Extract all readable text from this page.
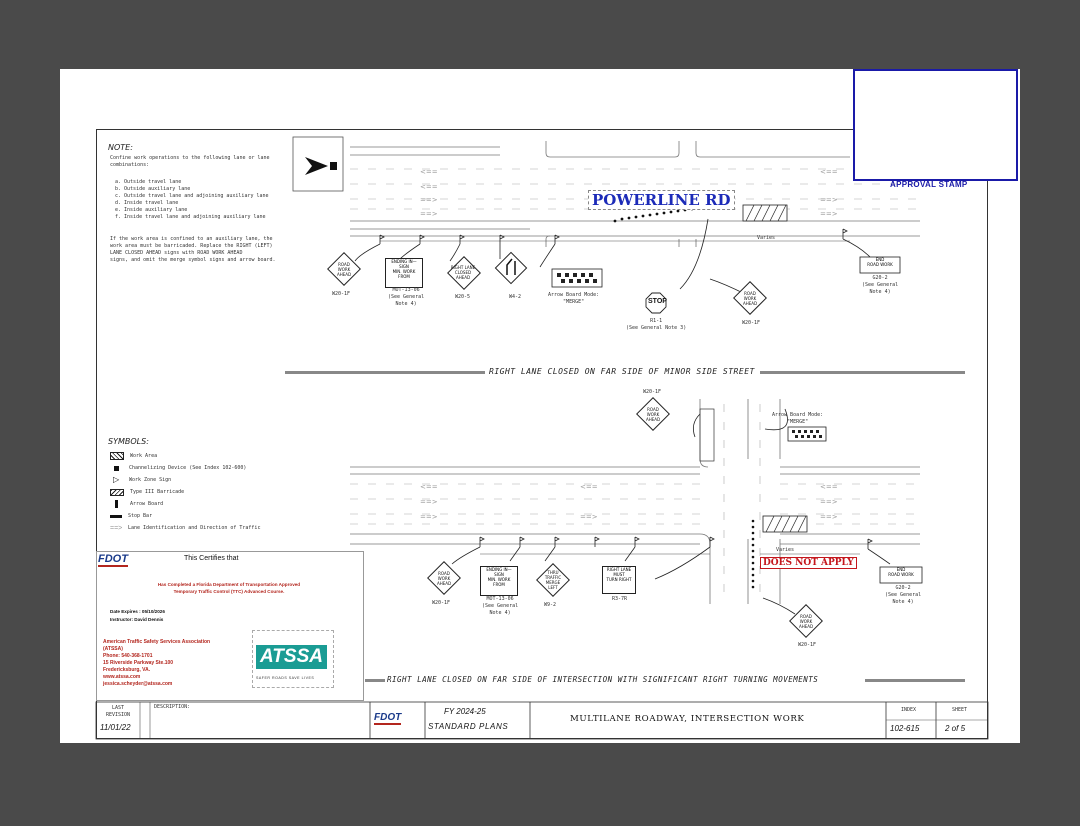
<==
<==
==>
==>
<==
==>
==>
<==
==>
==>
<==
==>
<==
==>
==>
APPROVAL STAMP
NOTE:
Confine work operations to the following lane or lane combinations:
a. Outside travel lane
b. Outside auxiliary lane
c. Outside travel lane and adjoining auxiliary lane
d. Inside travel lane
e. Inside auxiliary lane
f. Inside travel lane and adjoining auxiliary lane
If the work area is confined to an auxiliary lane, the
work area must be barricaded. Replace the RIGHT (LEFT)
LANE CLOSED AHEAD signs with ROAD WORK AHEAD
signs, and omit the merge symbol signs and arrow board.
POWERLINE RD
ROAD
WORK
AHEAD
W20-1F
ENDING IN—
SIGN
MIN. WORK
FROM
MOT-13-06
(See General
Note 4)
RIGHT LANE
CLOSED
AHEAD
W20-5	W4-2	Arrow Board Mode:
"MERGE"	STOP
R1-1
(See General Note 3)
Varies
ROAD
WORK
AHEAD
W20-1F
END
ROAD WORK
G20-2
(See General
Note 4)
RIGHT LANE CLOSED ON FAR SIDE OF MINOR SIDE STREET
SYMBOLS:
Work Area
Channelizing Device (See Index 102-600)
▷	Work Zone Sign
Type III Barricade
Arrow Board
Stop Bar
==>	Lane Identification and Direction of Traffic
W20-1F
ROAD
WORK
AHEAD
Arrow Board Mode:
"MERGE"
ROAD
WORK
AHEAD
W20-1F
ENDING IN—
SIGN
MIN. WORK
FROM
MOT-13-06
(See General
Note 4)
THRU
TRAFFIC
MERGE
LEFT
W9-2
RIGHT LANE
MUST
TURN RIGHT
R3-7R
DOES NOT APPLY
Varies
END
ROAD WORK
G20-2
(See General
Note 4)
ROAD
WORK
AHEAD
W20-1F
RIGHT LANE CLOSED ON FAR SIDE OF INTERSECTION WITH SIGNIFICANT RIGHT TURNING MOVEMENTS
FDOT	This Certifies that
Has Completed a Florida Department of Transportation Approved
Temporary Traffic Control (TTC) Advanced Course.
Date Expires : 05/10/2026
Instructor: David Dennis
American Traffic Safety Services Association
(ATSSA)
Phone: 540-368-1701
15 Riverside Parkway Ste.100
Fredericksburg, VA.
www.atssa.com
jessica.scheyder@atssa.com
ATSSA
SAFER ROADS SAVE LIVES
LAST
REVISION
11/01/22
DESCRIPTION:
FDOT
FY 2024-25
STANDARD PLANS
MULTILANE ROADWAY, INTERSECTION WORK
INDEX
102-615
SHEET
2 of 5
